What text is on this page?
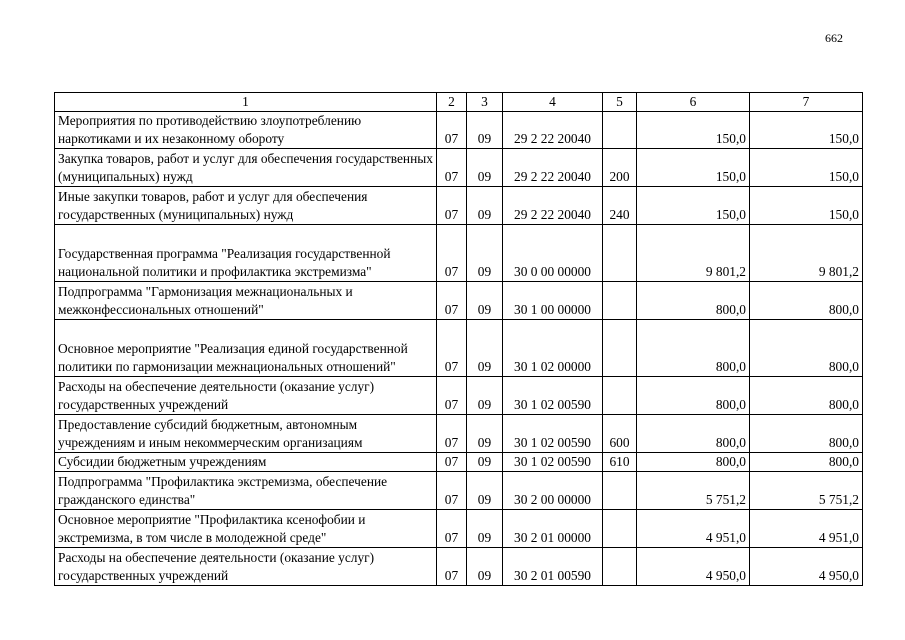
662
1	2	3	4	5	6	7
Мероприятия по противодействию злоупотреблению наркотиками и их незаконному обороту	07	09	29 2 22 20040		150,0	150,0
Закупка товаров, работ и услуг для обеспечения государственных (муниципальных) нужд	07	09	29 2 22 20040	200	150,0	150,0
Иные закупки товаров, работ и услуг для обеспечения государственных (муниципальных) нужд	07	09	29 2 22 20040	240	150,0	150,0
Государственная программа "Реализация государственной национальной политики и профилактика экстремизма"	07	09	30 0 00 00000		9 801,2	9 801,2
Подпрограмма "Гармонизация межнациональных и межконфессиональных отношений"	07	09	30 1 00 00000		800,0	800,0
Основное мероприятие "Реализация единой государственной политики по гармонизации межнациональных отношений"	07	09	30 1 02 00000		800,0	800,0
Расходы на обеспечение деятельности (оказание услуг) государственных учреждений	07	09	30 1 02 00590		800,0	800,0
Предоставление субсидий бюджетным, автономным учреждениям и иным некоммерческим организациям	07	09	30 1 02 00590	600	800,0	800,0
Субсидии бюджетным учреждениям	07	09	30 1 02 00590	610	800,0	800,0
Подпрограмма "Профилактика экстремизма, обеспечение гражданского единства"	07	09	30 2 00 00000		5 751,2	5 751,2
Основное мероприятие "Профилактика ксенофобии и экстремизма, в том числе в молодежной среде"	07	09	30 2 01 00000		4 951,0	4 951,0
Расходы на обеспечение деятельности (оказание услуг) государственных учреждений	07	09	30 2 01 00590		4 950,0	4 950,0
